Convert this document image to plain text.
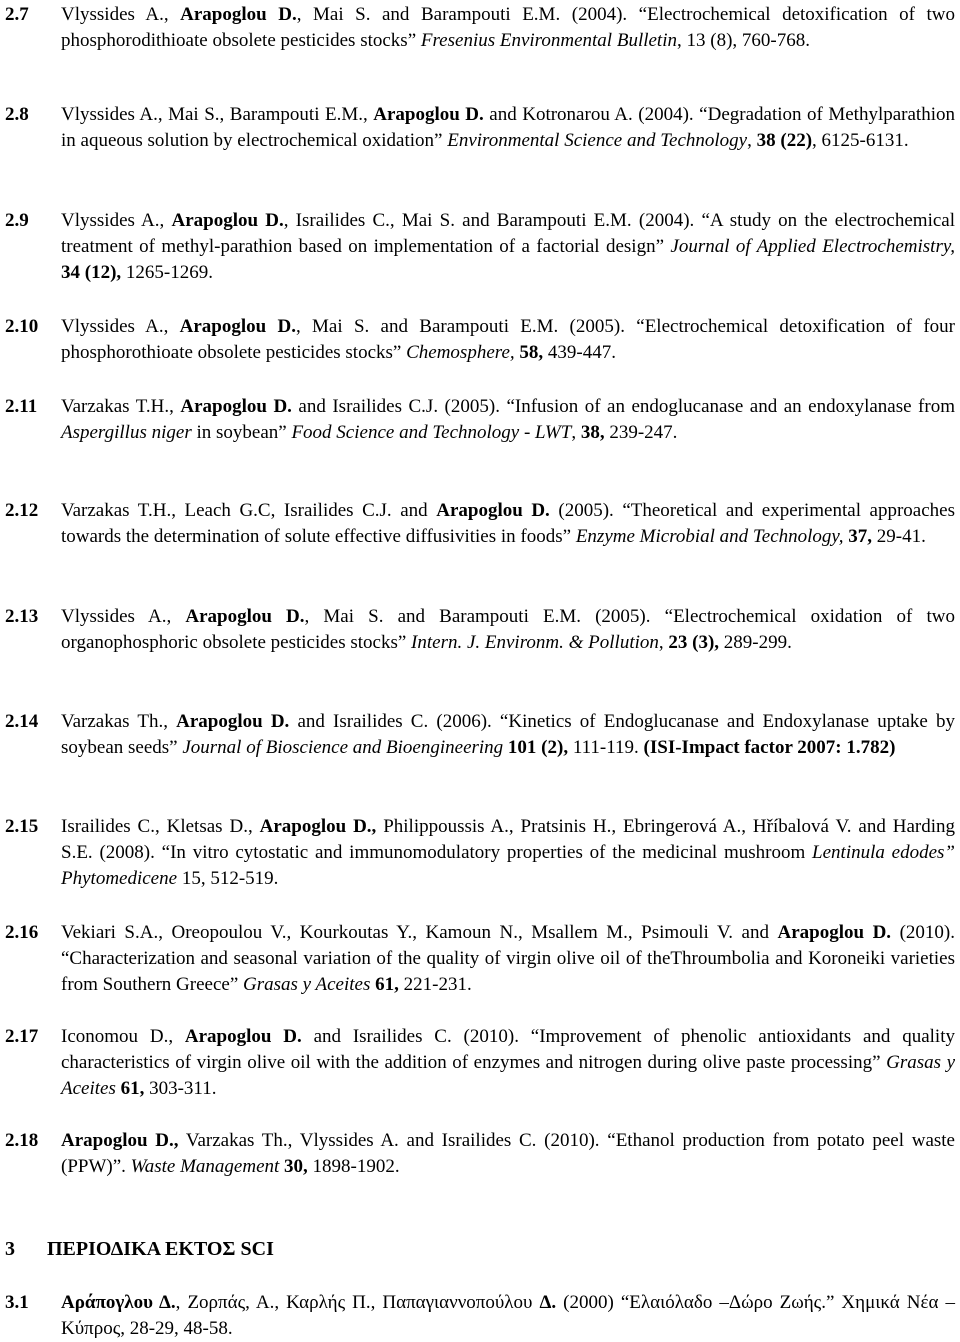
2.7 Vlyssides A., Arapoglou D., Mai S. and Barampouti E.M. (2004). “Electrochemical detoxification of two phosphorodithioate obsolete pesticides stocks” Fresenius Environmental Bulletin, 13 (8), 760-768.
2.8 Vlyssides A., Mai S., Barampouti E.M., Arapoglou D. and Kotronarou A. (2004). “Degradation of Methylparathion in aqueous solution by electrochemical oxidation” Environmental Science and Technology, 38 (22), 6125-6131.
2.9 Vlyssides A., Arapoglou D., Israilides C., Mai S. and Barampouti E.M. (2004). “A study on the electrochemical treatment of methyl-parathion based on implementation of a factorial design” Journal of Applied Electrochemistry, 34 (12), 1265-1269.
2.10 Vlyssides A., Arapoglou D., Mai S. and Barampouti E.M. (2005). “Electrochemical detoxification of four phosphorothioate obsolete pesticides stocks” Chemosphere, 58, 439-447.
2.11 Varzakas T.H., Arapoglou D. and Israilides C.J. (2005). “Infusion of an endoglucanase and an endoxylanase from Aspergillus niger in soybean” Food Science and Technology - LWT, 38, 239-247.
2.12 Varzakas T.H., Leach G.C, Israilides C.J. and Arapoglou D. (2005). “Theoretical and experimental approaches towards the determination of solute effective diffusivities in foods” Enzyme Microbial and Technology, 37, 29-41.
2.13 Vlyssides A., Arapoglou D., Mai S. and Barampouti E.M. (2005). “Electrochemical oxidation of two organophosphoric obsolete pesticides stocks” Intern. J. Environm. & Pollution, 23 (3), 289-299.
2.14 Varzakas Th., Arapoglou D. and Israilides C. (2006). “Kinetics of Endoglucanase and Endoxylanase uptake by soybean seeds” Journal of Bioscience and Bioengineering 101 (2), 111-119. (ISI-Impact factor 2007: 1.782)
2.15 Israilides C., Kletsas D., Arapoglou D., Philippoussis A., Pratsinis H., Ebringerová A., Hříbalová V. and Harding S.E. (2008). “In vitro cytostatic and immunomodulatory properties of the medicinal mushroom Lentinula edodes” Phytomedicene 15, 512-519.
2.16 Vekiari S.A., Oreopoulou V., Kourkoutas Y., Kamoun N., Msallem M., Psimouli V. and Arapoglou D. (2010). “Characterization and seasonal variation of the quality of virgin olive oil of theThroumbolia and Koroneiki varieties from Southern Greece” Grasas y Aceites 61, 221-231.
2.17 Iconomou D., Arapoglou D. and Israilides C. (2010). “Improvement of phenolic antioxidants and quality characteristics of virgin olive oil with the addition of enzymes and nitrogen during olive paste processing” Grasas y Aceites 61, 303-311.
2.18 Arapoglou D., Varzakas Th., Vlyssides A. and Israilides C. (2010). “Ethanol production from potato peel waste (PPW)”. Waste Management 30, 1898-1902.
3 ΠΕΡΙΟΔΙΚΑ ΕΚΤΟΣ SCI
3.1 Αράπογλου Δ., Ζορπάς, Α., Καρλής Π., Παπαγιαννοπούλου Δ. (2000) “Ελαιόλαδο –Δώρο Ζωής.” Χημικά Νέα –Κύπρος, 28-29, 48-58.
